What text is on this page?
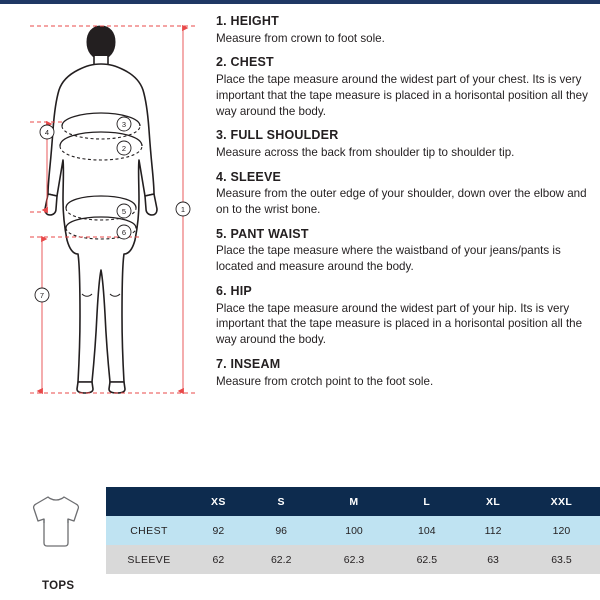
1
2
3
4
5
6
7

1. HEIGHT

Measure from crown to foot sole.

2. CHEST

Place the tape measure around the widest part of your chest. Its is very important that the tape measure is placed in a horisontal position all they way around the body.

3. FULL SHOULDER

Measure across the back from shoulder tip to shoulder tip.

4. SLEEVE

Measure from the outer edge of your shoulder, down over the elbow and on to the wrist bone.

5. PANT WAIST

Place the tape measure where the waistband of your jeans/pants is located and measure around the body.

6. HIP

Place the tape measure around the widest part of your hip. Its is very important that the tape measure is placed in a horisontal position all the way around the body.

7. INSEAM

Measure from crotch point to the foot sole.

TOPS
	XS	S	M	L	XL	XXL
CHEST	92	96	100	104	112	120
SLEEVE	62	62.2	62.3	62.5	63	63.5
